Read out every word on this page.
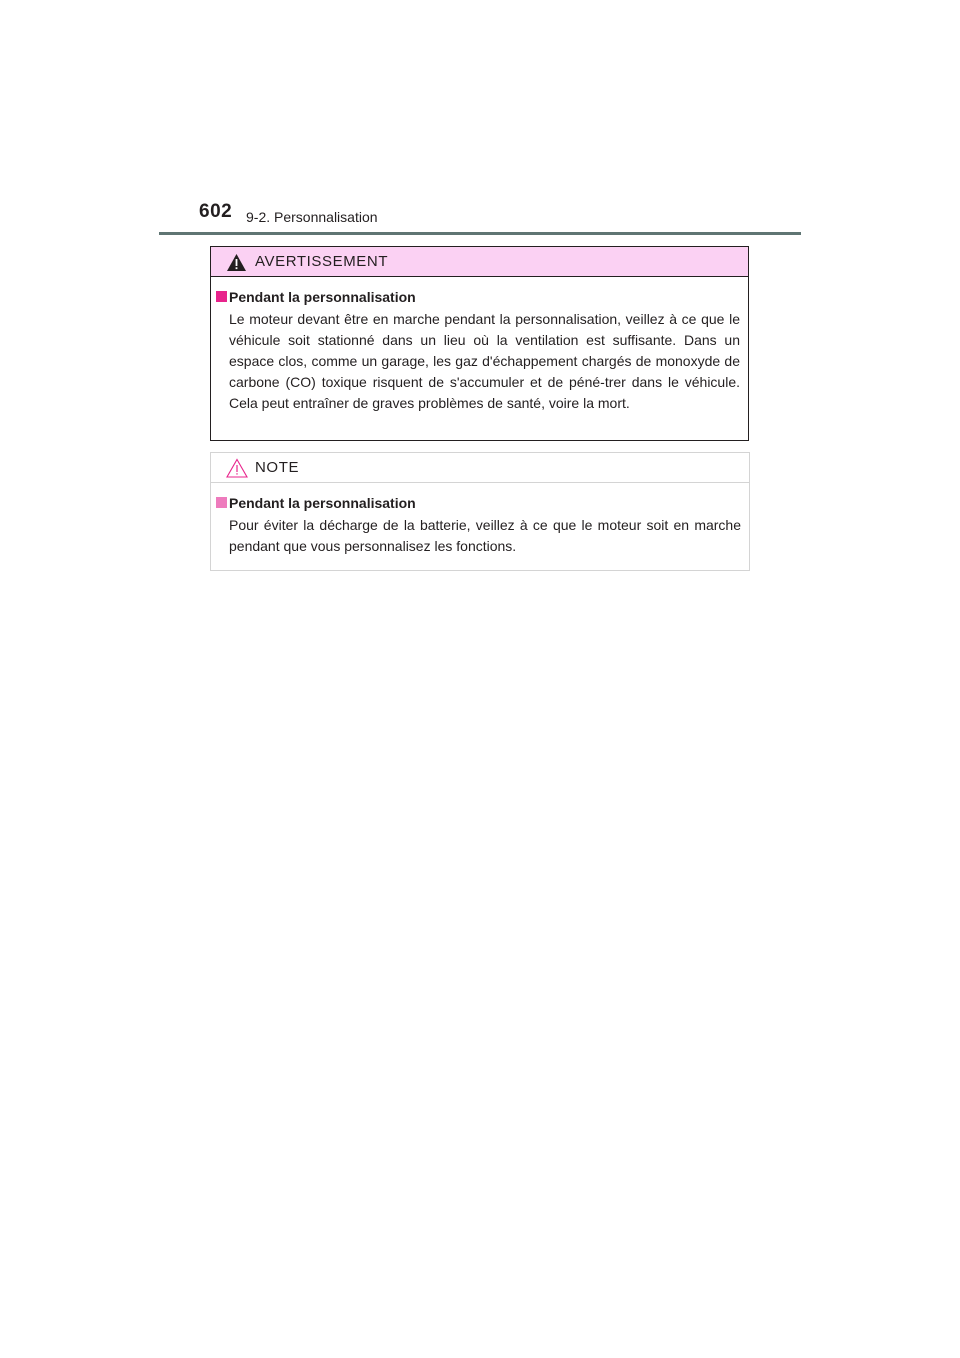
602 9-2. Personnalisation
AVERTISSEMENT
Pendant la personnalisation
Le moteur devant être en marche pendant la personnalisation, veillez à ce que le véhicule soit stationné dans un lieu où la ventilation est suffisante. Dans un espace clos, comme un garage, les gaz d'échappement chargés de monoxyde de carbone (CO) toxique risquent de s'accumuler et de péné-trer dans le véhicule. Cela peut entraîner de graves problèmes de santé, voire la mort.
NOTE
Pendant la personnalisation
Pour éviter la décharge de la batterie, veillez à ce que le moteur soit en marche pendant que vous personnalisez les fonctions.
